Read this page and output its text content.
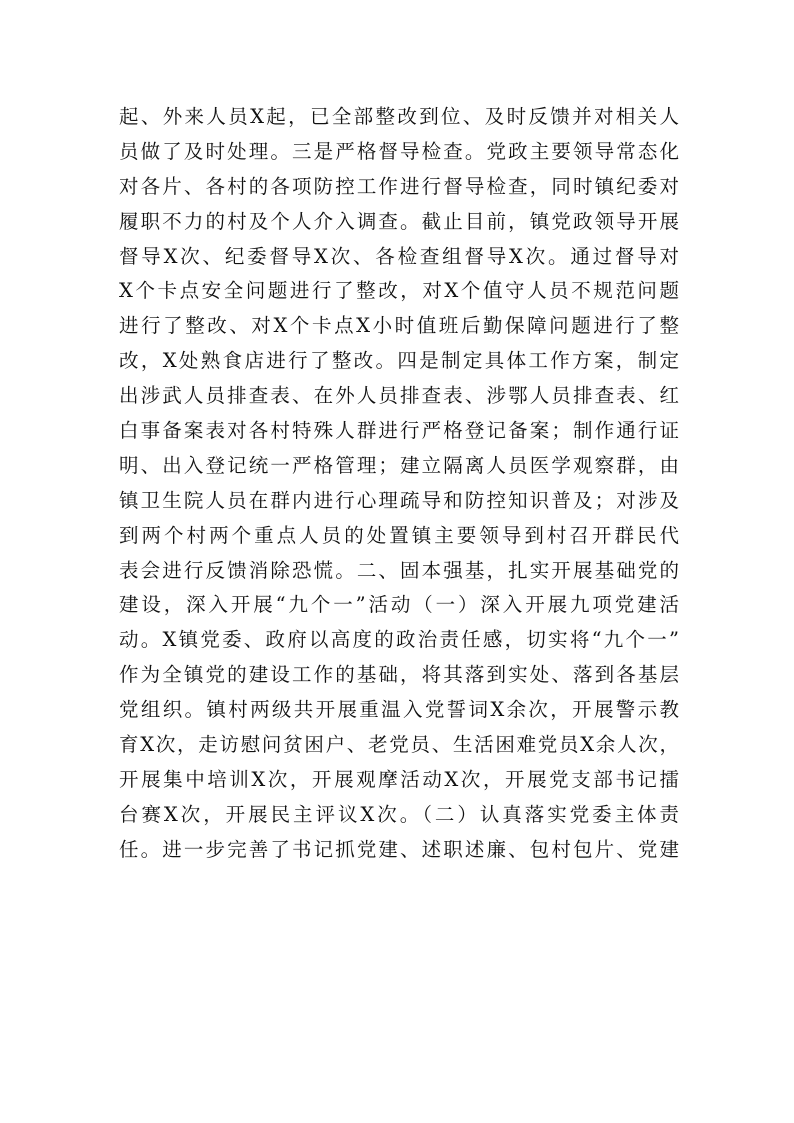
起、外来人员X起，已全部整改到位、及时反馈并对相关人
员做了及时处理。三是严格督导检查。党政主要领导常态化
对各片、各村的各项防控工作进行督导检查，同时镇纪委对
履职不力的村及个人介入调查。截止目前，镇党政领导开展
督导X次、纪委督导X次、各检查组督导X次。通过督导对
X个卡点安全问题进行了整改，对X个值守人员不规范问题
进行了整改、对X个卡点X小时值班后勤保障问题进行了整
改，X处熟食店进行了整改。四是制定具体工作方案，制定
出涉武人员排查表、在外人员排查表、涉鄂人员排查表、红
白事备案表对各村特殊人群进行严格登记备案；制作通行证
明、出入登记统一严格管理；建立隔离人员医学观察群，由
镇卫生院人员在群内进行心理疏导和防控知识普及；对涉及
到两个村两个重点人员的处置镇主要领导到村召开群民代
表会进行反馈消除恐慌。二、固本强基，扎实开展基础党的
建设，深入开展“九个一”活动（一）深入开展九项党建活
动。X镇党委、政府以高度的政治责任感，切实将“九个一”
作为全镇党的建设工作的基础，将其落到实处、落到各基层
党组织。镇村两级共开展重温入党誓词X余次，开展警示教
育X次，走访慰问贫困户、老党员、生活困难党员X余人次，
开展集中培训X次，开展观摩活动X次，开展党支部书记擂
台赛X次，开展民主评议X次。（二）认真落实党委主体责
任。进一步完善了书记抓党建、述职述廉、包村包片、党建
